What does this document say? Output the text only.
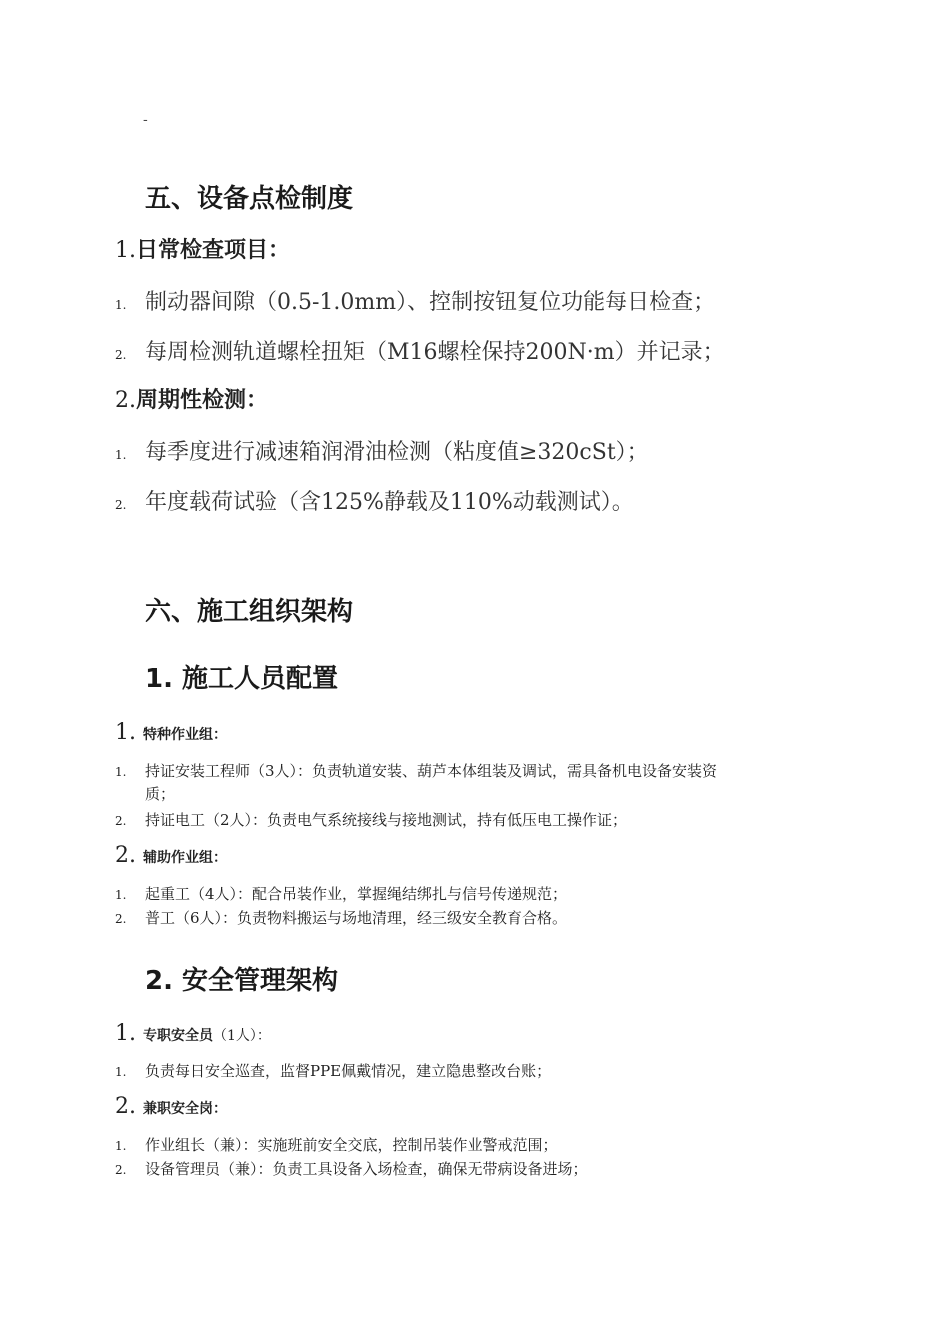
-
五、设备点检制度
1.日常检查项目：
1. 制动器间隙（0.5-1.0mm）、控制按钮复位功能每日检查；
2. 每周检测轨道螺栓扭矩（M16螺栓保持200N·m）并记录；
2.周期性检测：
1. 每季度进行减速箱润滑油检测（粘度值≥320cSt）；
2. 年度载荷试验（含125%静载及110%动载测试）。
六、施工组织架构
1. 施工人员配置
1. 特种作业组：
1. 持证安装工程师（3人）：负责轨道安装、葫芦本体组装及调试，需具备机电设备安装资
质；
2. 持证电工（2人）：负责电气系统接线与接地测试，持有低压电工操作证；
2. 辅助作业组：
1. 起重工（4人）：配合吊装作业，掌握绳结绑扎与信号传递规范；
2. 普工（6人）：负责物料搬运与场地清理，经三级安全教育合格。
2. 安全管理架构
1. 专职安全员（1人）：
1. 负责每日安全巡查，监督PPE佩戴情况，建立隐患整改台账；
2. 兼职安全岗：
1. 作业组长（兼）：实施班前安全交底，控制吊装作业警戒范围；
2. 设备管理员（兼）：负责工具设备入场检查，确保无带病设备进场；
